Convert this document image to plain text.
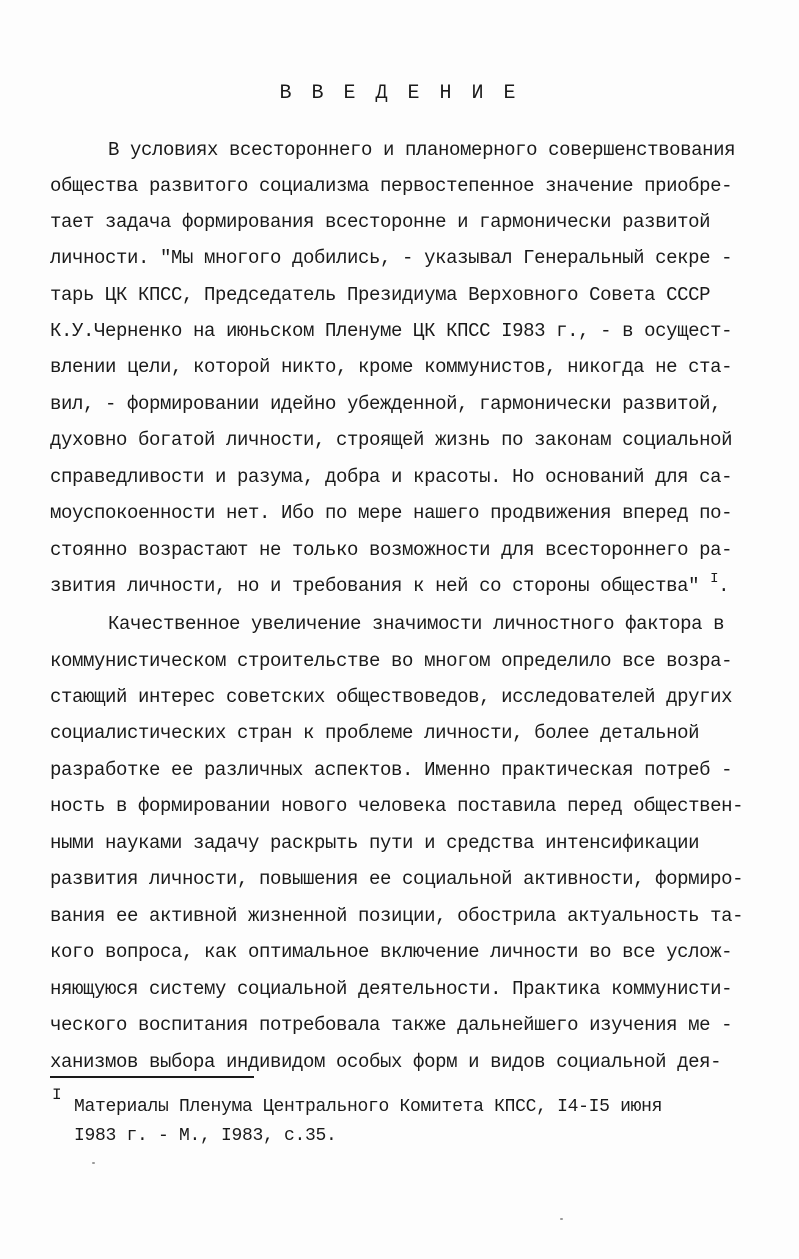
В В Е Д Е Н И Е
В условиях всестороннего и планомерного совершенствования
общества развитого социализма первостепенное значение приобре-
тает задача формирования всесторонне и гармонически развитой
личности. "Мы многого добились, - указывал Генеральный секре -
тарь ЦК КПСС, Председатель Президиума Верховного Совета СССР
К.У.Черненко на июньском Пленуме ЦК КПСС I983 г., - в осущест-
влении цели, которой никто, кроме коммунистов, никогда не ста-
вил, - формировании идейно убежденной, гармонически развитой,
духовно богатой личности, строящей жизнь по законам социальной
справедливости и разума, добра и красоты. Но оснований для са-
моуспокоенности нет. Ибо по мере нашего продвижения вперед по-
стоянно возрастают не только возможности для всестороннего ра-
звития личности, но и требования к ней со стороны общества" $^I$.
Качественное увеличение значимости личностного фактора в
коммунистическом строительстве во многом определило все возра-
стающий интерес советских обществоведов, исследователей других
социалистических стран к проблеме личности, более детальной
разработке ее различных аспектов. Именно практическая потреб -
ность в формировании нового человека поставила перед обществен-
ными науками задачу раскрыть пути и средства интенсификации
развития личности, повышения ее социальной активности, формиро-
вания ее активной жизненной позиции, обострила актуальность та-
кого вопроса, как оптимальное включение личности во все услож-
няющуюся систему социальной деятельности. Практика коммунисти-
ческого воспитания потребовала также дальнейшего изучения ме -
ханизмов выбора индивидом особых форм и видов социальной дея-
I
Материалы Пленума Центрального Комитета КПСС, I4-I5 июня
I983 г. - М., I983, с.35.
